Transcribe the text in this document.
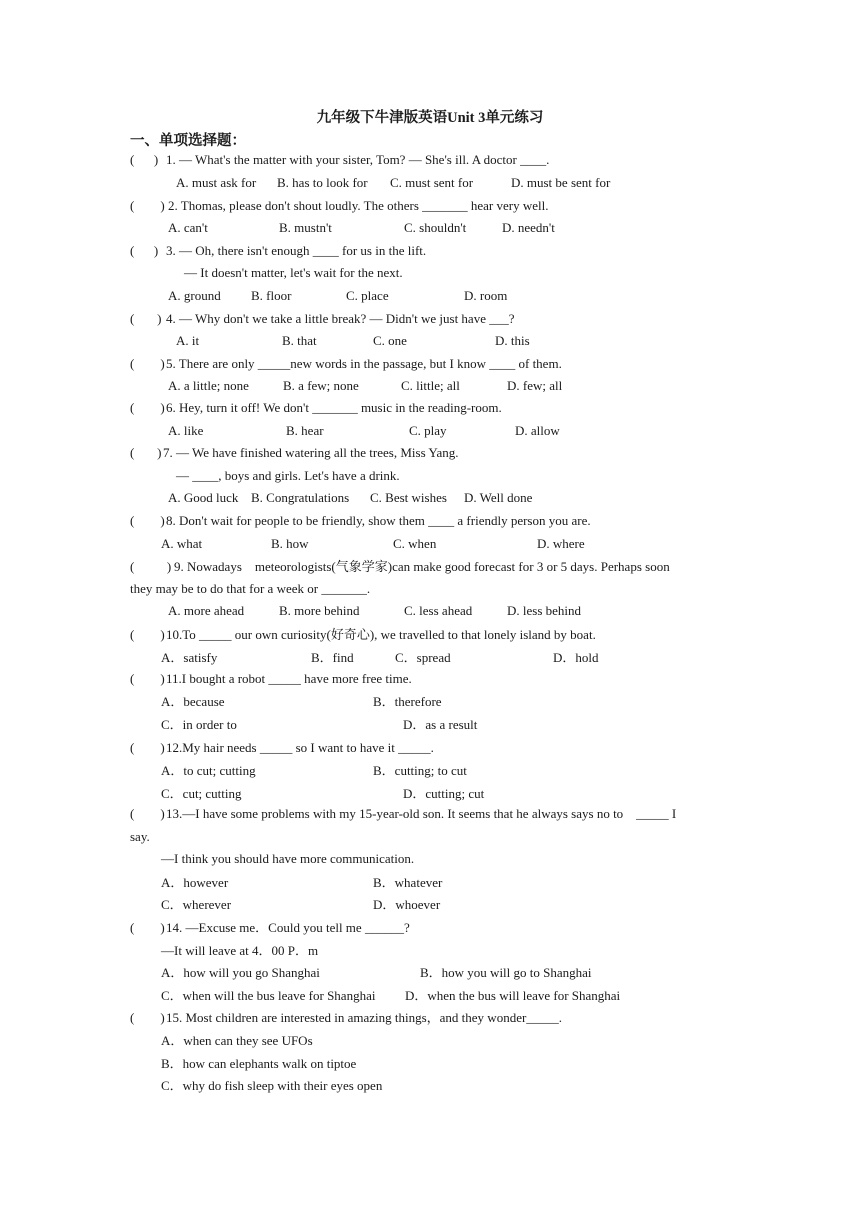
九年级下牛津版英语Unit 3单元练习
一、单项选择题：
(      ) 1. — What's the matter with your sister, Tom? — She's ill. A doctor ____.
A. must ask for B. has to look for C. must sent for	D. must be sent for
(        ) 2. Thomas, please don't shout loudly. The others _______ hear very well.
A. can't	B. mustn't	C. shouldn't	D. needn't
(      ) 3. — Oh, there isn't enough ____ for us in the lift.
— It doesn't matter, let's wait for the next.
A. ground B. floor	C. place	D. room
(       ) 4. — Why don't we take a little break? — Didn't we just have ___?
A. it	B. that	C. one	D. this
(        ) 5. There are only _____new words in the passage, but I know ____ of them.
A. a little; none	B. a few; none	C. little; all	D. few; all
(        ) 6. Hey, turn it off! We don't _______ music in the reading-room.
A. like	B. hear	C. play	D. allow
(       ) 7. — We have finished watering all the trees, Miss Yang.
— ____, boys and girls. Let's have a drink.
A. Good luck B. Congratulations C. Best wishes D. Well done
(        ) 8. Don't wait for people to be friendly, show them ____ a friendly person you are.
A. what	B. how	C. when	D. where
(          ) 9. Nowadays    meteorologists(气象学家)can make good forecast for 3 or 5 days. Perhaps soon
they may be to do that for a week or _______.
A. more ahead	B. more behind	C. less ahead	D. less behind
(        ) 10.To _____ our own curiosity(好奇心), we travelled to that lonely island by boat.
A．satisfy	B．find	C．spread	D．hold
(        ) 11.I bought a robot _____ have more free time.
A．because	B．therefore
C．in order to	D．as a result
(        ) 12.My hair needs _____ so I want to have it _____.
A．to cut; cutting	B．cutting; to cut
C．cut; cutting	D．cutting; cut
(        ) 13.—I have some problems with my 15-year-old son. It seems that he always says no to    _____ I
say.
—I think you should have more communication.
A．however	B．whatever
C．wherever	D．whoever
(        ) 14. —Excuse me．Could you tell me ______?
—It will leave at 4．00 P．m
A．how will you go Shanghai	B．how you will go to Shanghai
C．when will the bus leave for Shanghai D．when the bus will leave for Shanghai
(        ) 15. Most children are interested in amazing things，and they wonder_____.
A．when can they see UFOs
B．how can elephants walk on tiptoe
C．why do fish sleep with their eyes open
